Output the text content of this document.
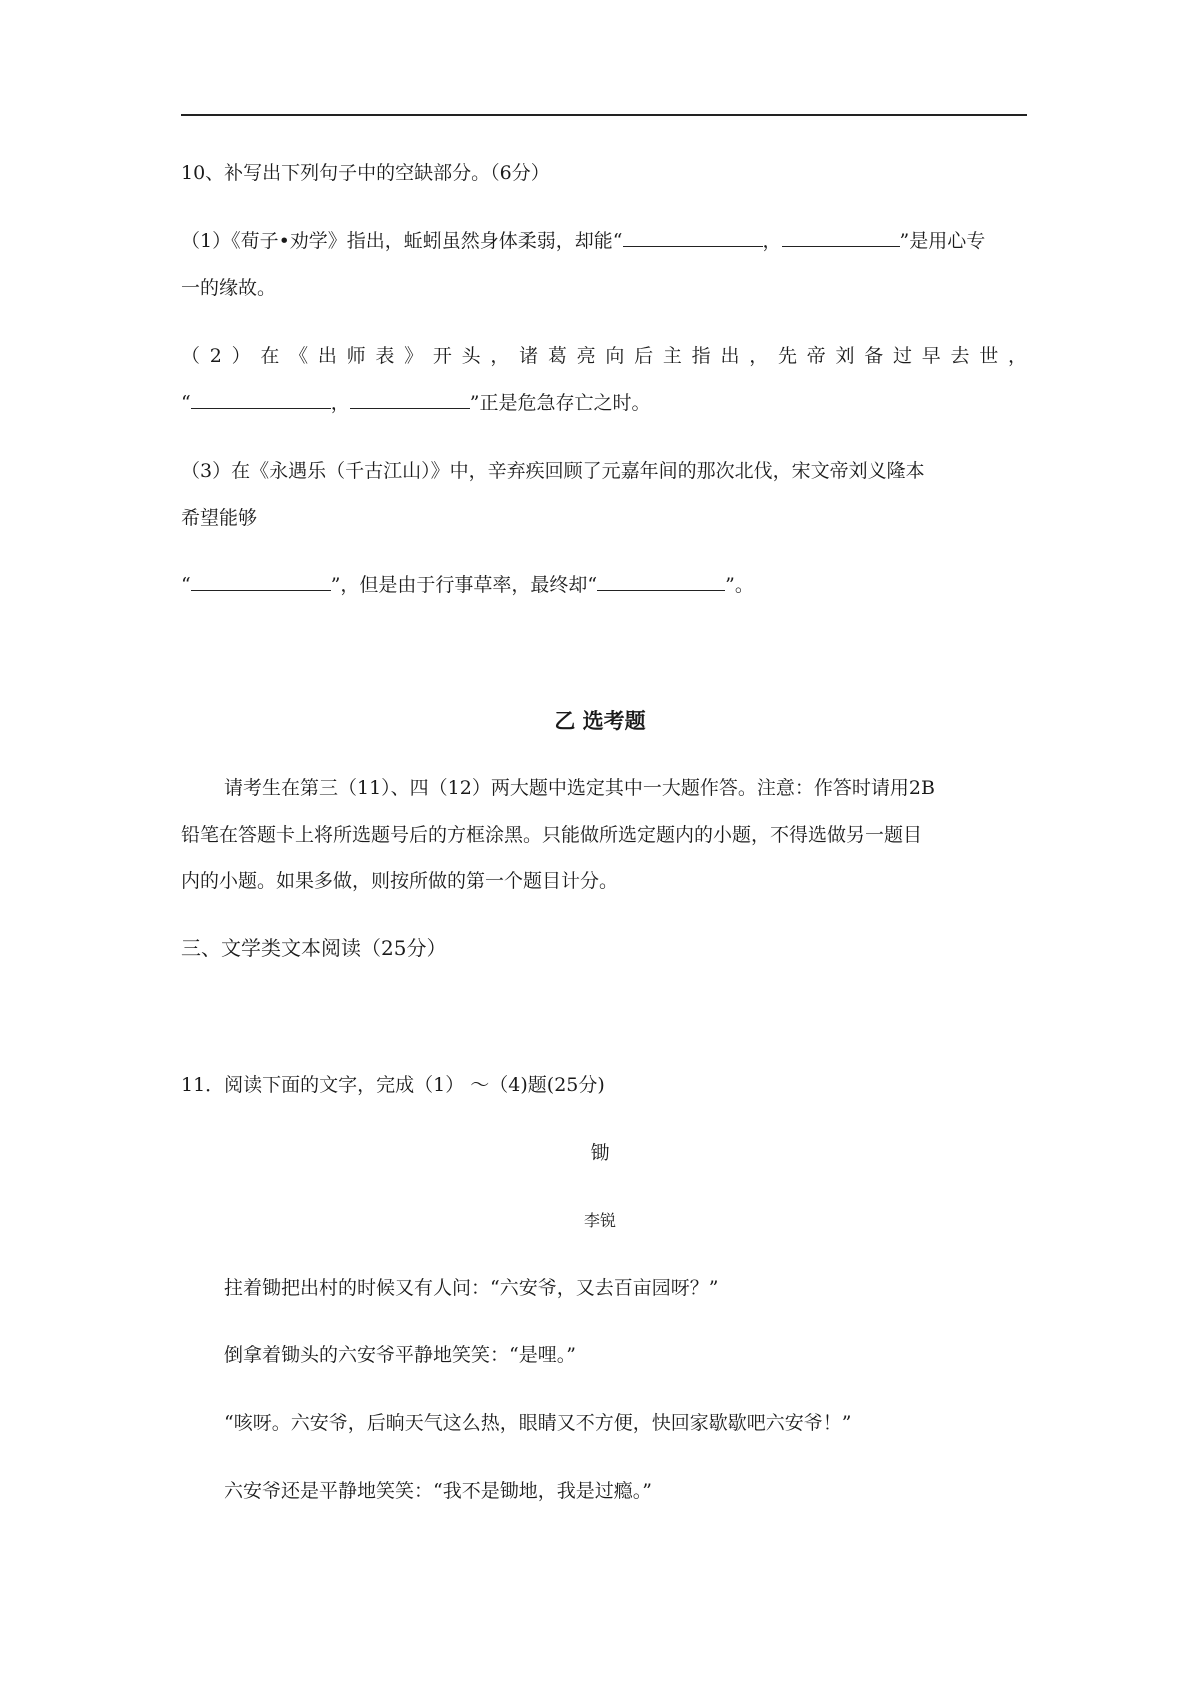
10、补写出下列句子中的空缺部分。（6分）
（1）《荀子•劝学》指出，蚯蚓虽然身体柔弱，却能“	，	”是用心专
一的缘故。
（2）在《出师表》开头，诸葛亮向后主指出，先帝刘备过早去世，
“	，	”正是危急存亡之时。
（3）在《永遇乐（千古江山）》中，辛弃疾回顾了元嘉年间的那次北伐，宋文帝刘义隆本
希望能够
“	”，但是由于行事草率，最终却“	”。
乙 选考题
请考生在第三（11）、四（12）两大题中选定其中一大题作答。注意：作答时请用2B
铅笔在答题卡上将所选题号后的方框涂黑。只能做所选定题内的小题，不得选做另一题目
内的小题。如果多做，则按所做的第一个题目计分。
三、文学类文本阅读（25分）
11．阅读下面的文字，完成（1） ～（4)题(25分)
锄
李锐
拄着锄把出村的时候又有人问：“六安爷，又去百亩园呀？”
倒拿着锄头的六安爷平静地笑笑：“是哩。”
“咳呀。六安爷，后晌天气这么热，眼睛又不方便，快回家歇歇吧六安爷！”
六安爷还是平静地笑笑：“我不是锄地，我是过瘾。”
